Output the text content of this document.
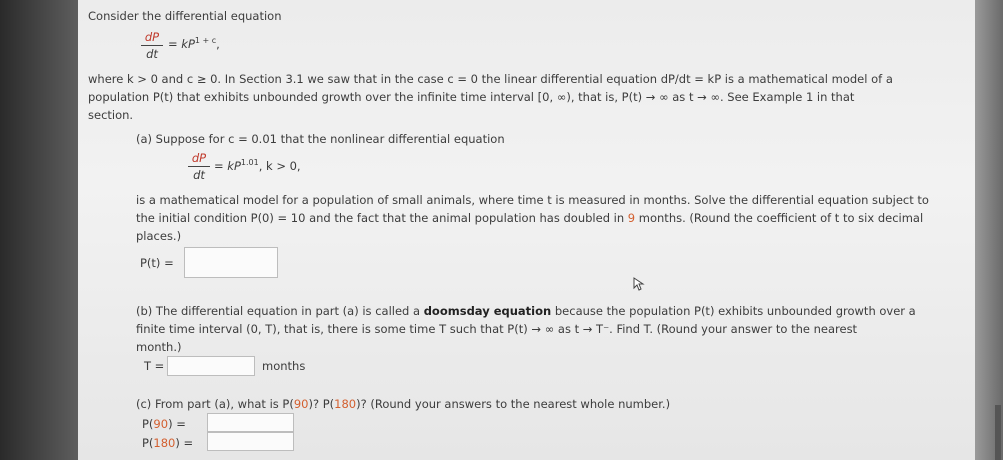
Consider the differential equation
dP
dt
= $kP^{1 + c}$,
where k > 0 and c ≥ 0. In Section 3.1 we saw that in the case c = 0 the linear differential equation dP/dt = kP is a mathematical model of a
population P(t) that exhibits unbounded growth over the infinite time interval [0, ∞), that is, P(t) → ∞ as t → ∞. See Example 1 in that
section.
(a) Suppose for c = 0.01 that the nonlinear differential equation
dP
dt
= $kP^{1.01}$, k > 0,
is a mathematical model for a population of small animals, where time t is measured in months. Solve the differential equation subject to
the initial condition P(0) = 10 and the fact that the animal population has doubled in 9 months. (Round the coefficient of t to six decimal
places.)
P(t) =
(b) The differential equation in part (a) is called a doomsday equation because the population P(t) exhibits unbounded growth over a
finite time interval (0, T), that is, there is some time T such that P(t) → ∞ as t → T⁻. Find T. (Round your answer to the nearest
month.)
T =	months
(c) From part (a), what is P(90)? P(180)? (Round your answers to the nearest whole number.)
P(90) =
P(180) =
